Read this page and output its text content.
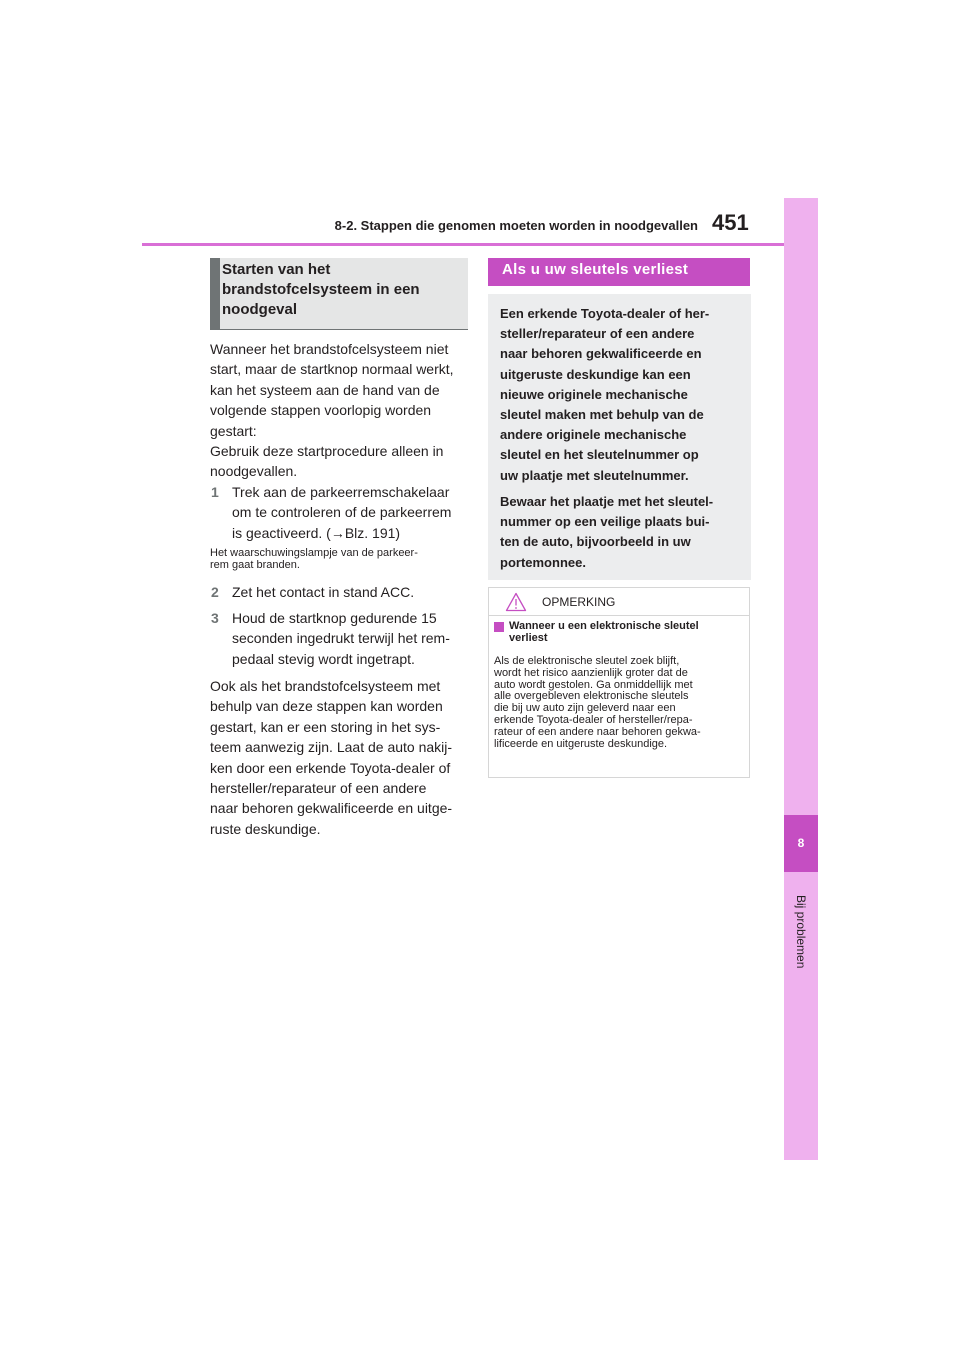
8-2. Stappen die genomen moeten worden in noodgevallen 451
8
Bij problemen
Starten van het
brandstofcelsysteem in een
noodgeval
Wanneer het brandstofcelsysteem niet
start, maar de startknop normaal werkt,
kan het systeem aan de hand van de
volgende stappen voorlopig worden
gestart:
Gebruik deze startprocedure alleen in
noodgevallen.
1 Trek aan de parkeerremschakelaar
om te controleren of de parkeerrem
is geactiveerd. (→Blz. 191)
Het waarschuwingslampje van de parkeer-
rem gaat branden.
2 Zet het contact in stand ACC.
3 Houd de startknop gedurende 15
seconden ingedrukt terwijl het rem-
pedaal stevig wordt ingetrapt.
Ook als het brandstofcelsysteem met
behulp van deze stappen kan worden
gestart, kan er een storing in het sys-
teem aanwezig zijn. Laat de auto nakij-
ken door een erkende Toyota-dealer of
hersteller/reparateur of een andere
naar behoren gekwalificeerde en uitge-
ruste deskundige.
Als u uw sleutels verliest
Een erkende Toyota-dealer of her-
steller/reparateur of een andere
naar behoren gekwalificeerde en
uitgeruste deskundige kan een
nieuwe originele mechanische
sleutel maken met behulp van de
andere originele mechanische
sleutel en het sleutelnummer op
uw plaatje met sleutelnummer.
Bewaar het plaatje met het sleutel-
nummer op een veilige plaats bui-
ten de auto, bijvoorbeeld in uw
portemonnee.
OPMERKING
Wanneer u een elektronische sleutel
verliest
Als de elektronische sleutel zoek blijft,
wordt het risico aanzienlijk groter dat de
auto wordt gestolen. Ga onmiddellijk met
alle overgebleven elektronische sleutels
die bij uw auto zijn geleverd naar een
erkende Toyota-dealer of hersteller/repa-
rateur of een andere naar behoren gekwa-
lificeerde en uitgeruste deskundige.
